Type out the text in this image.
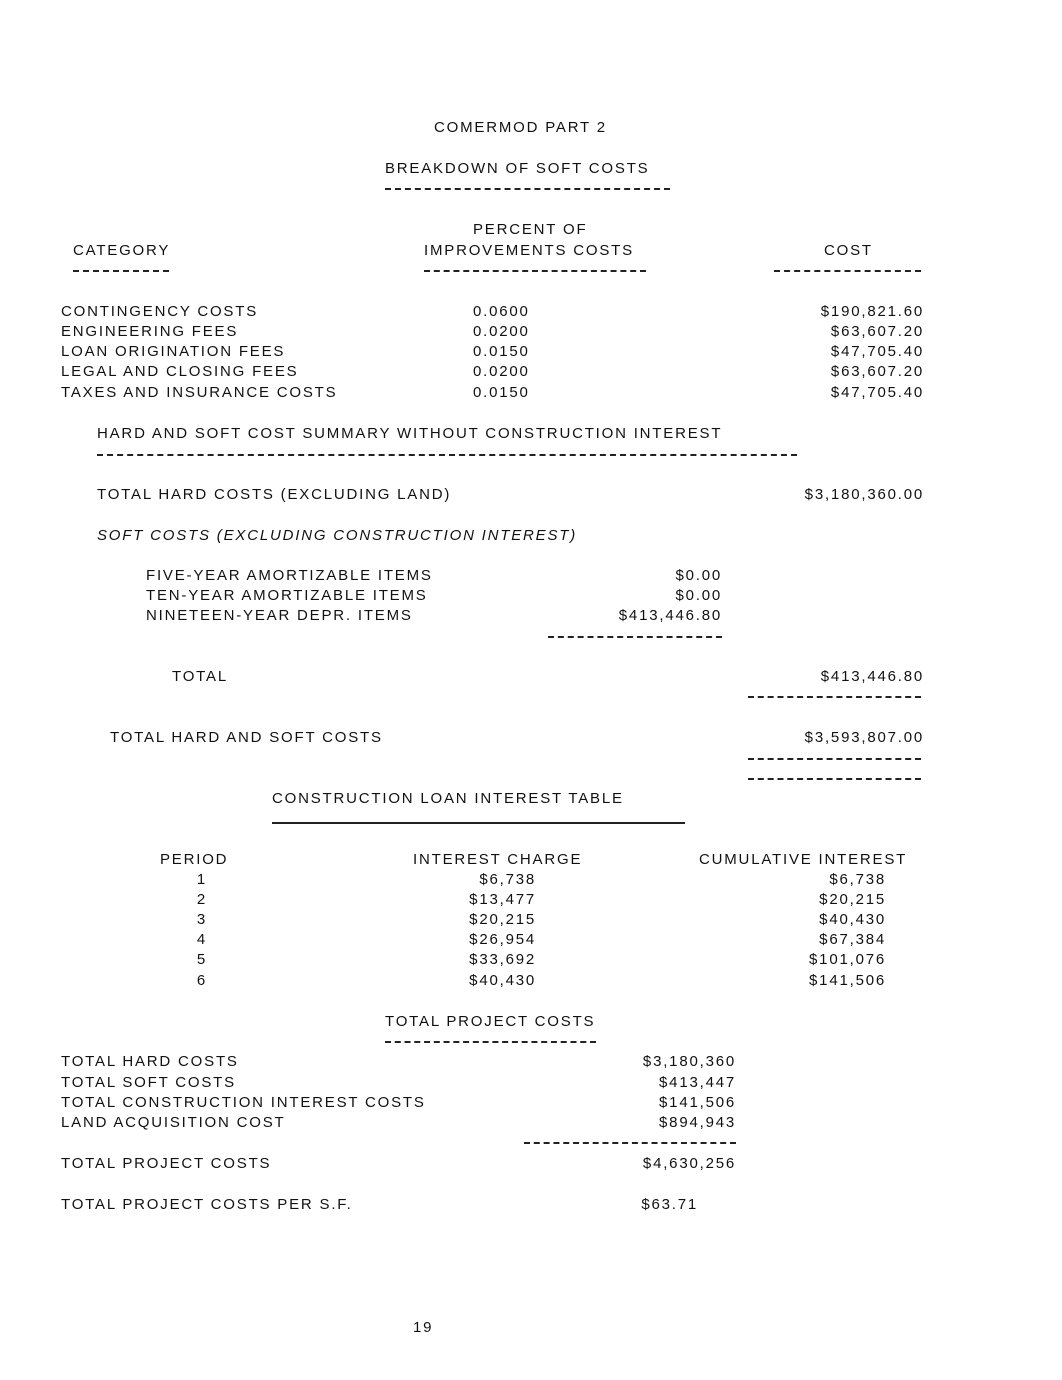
COMERMOD PART 2
BREAKDOWN OF SOFT COSTS
PERCENT OF
CATEGORY	IMPROVEMENTS COSTS	COST
CONTINGENCY COSTS	0.0600	$190,821.60
ENGINEERING FEES	0.0200	$63,607.20
LOAN ORIGINATION FEES	0.0150	$47,705.40
LEGAL AND CLOSING FEES	0.0200	$63,607.20
TAXES AND INSURANCE COSTS	0.0150	$47,705.40
HARD AND SOFT COST SUMMARY WITHOUT CONSTRUCTION INTEREST
TOTAL HARD COSTS (EXCLUDING LAND)	$3,180,360.00
SOFT COSTS (EXCLUDING CONSTRUCTION INTEREST)
FIVE-YEAR AMORTIZABLE ITEMS	$0.00
TEN-YEAR AMORTIZABLE ITEMS	$0.00
NINETEEN-YEAR DEPR. ITEMS	$413,446.80
TOTAL	$413,446.80
TOTAL HARD AND SOFT COSTS	$3,593,807.00
CONSTRUCTION LOAN INTEREST TABLE
PERIOD	INTEREST CHARGE	CUMULATIVE INTEREST
1	$6,738	$6,738
2	$13,477	$20,215
3	$20,215	$40,430
4	$26,954	$67,384
5	$33,692	$101,076
6	$40,430	$141,506
TOTAL PROJECT COSTS
TOTAL HARD COSTS	$3,180,360
TOTAL SOFT COSTS	$413,447
TOTAL CONSTRUCTION INTEREST COSTS	$141,506
LAND ACQUISITION COST	$894,943
TOTAL PROJECT COSTS	$4,630,256
TOTAL PROJECT COSTS PER S.F.	$63.71
19
